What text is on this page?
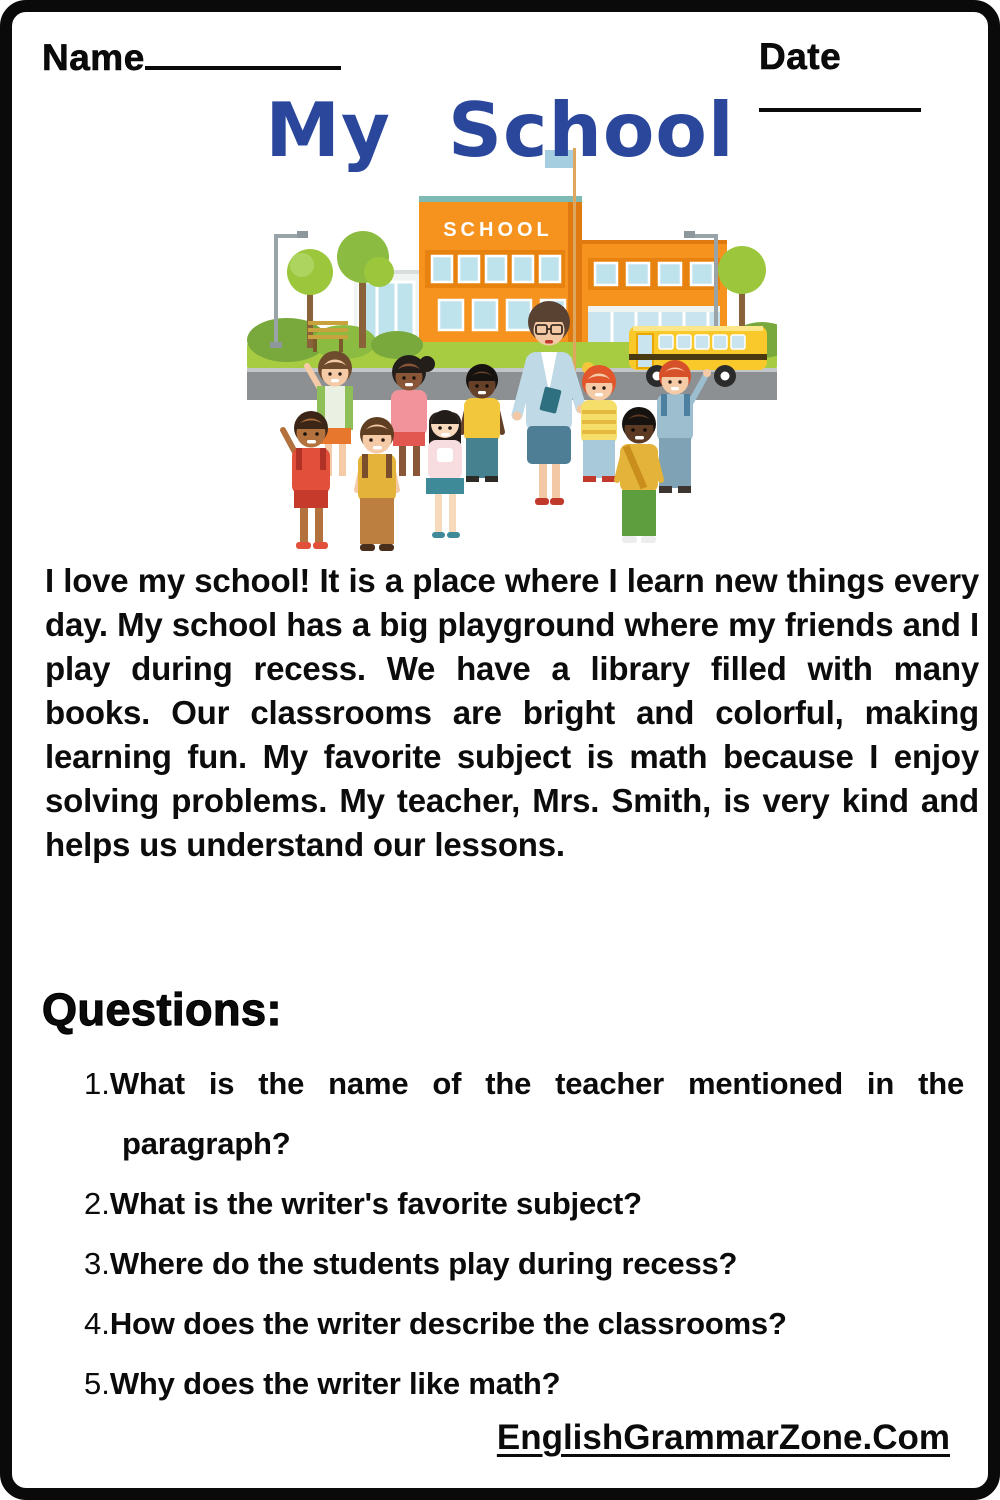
Name	Date
My School
SCHOOL

I love my school! It is a place where I learn new things every day. My school has a big playground where my friends and I play during recess. We have a library filled with many books. Our classrooms are bright and colorful, making learning fun. My favorite subject is math because I enjoy solving problems. My teacher, Mrs. Smith, is very kind and helps us understand our lessons.

Questions:
1.What is the name of the teacher mentioned in the paragraph?
2.What is the writer's favorite subject?
3.Where do the students play during recess?
4.How does the writer describe the classrooms?
5.Why does the writer like math?
EnglishGrammarZone.Com
